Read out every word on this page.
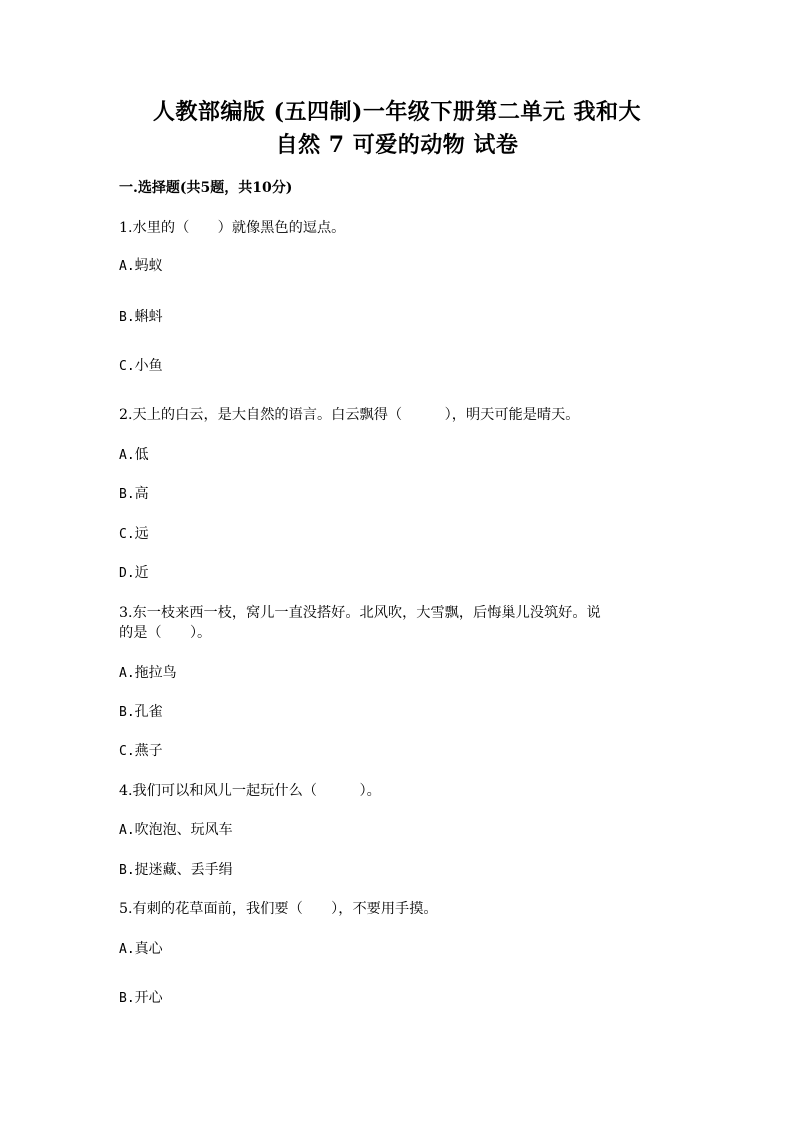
人教部编版 (五四制)一年级下册第二单元 我和大
自然 7 可爱的动物 试卷
一.选择题(共5题，共10分)
1.水里的（　　）就像黑色的逗点。
A.蚂蚁
B.蝌蚪
C.小鱼
2.天上的白云，是大自然的语言。白云飘得（　　　），明天可能是晴天。
A.低
B.高
C.远
D.近
3.东一枝来西一枝，窝儿一直没搭好。北风吹，大雪飘，后悔巢儿没筑好。说
的是（　　）。
A.拖拉鸟
B.孔雀
C.燕子
4.我们可以和风儿一起玩什么（　　　）。
A.吹泡泡、玩风车
B.捉迷藏、丢手绢
5.有刺的花草面前，我们要（　　），不要用手摸。
A.真心
B.开心
